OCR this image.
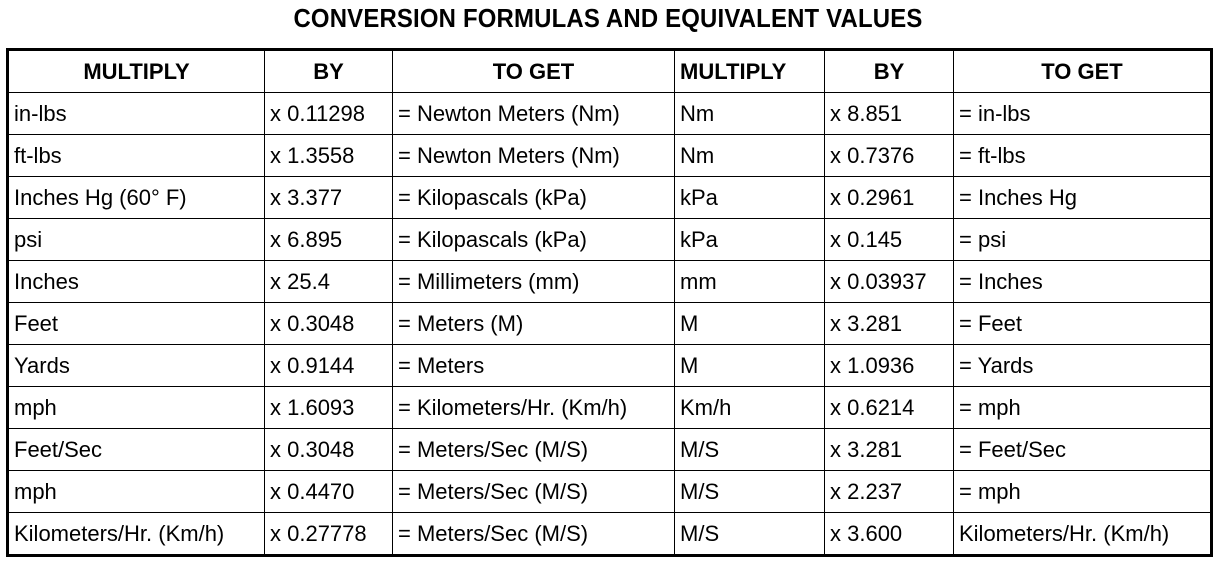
CONVERSION FORMULAS AND EQUIVALENT VALUES
MULTIPLY	BY	TO GET	MULTIPLY	BY	TO GET
in-lbs	x 0.11298	= Newton Meters (Nm)	Nm	x 8.851	= in-lbs
ft-lbs	x 1.3558	= Newton Meters (Nm)	Nm	x 0.7376	= ft-lbs
Inches Hg (60° F)	x 3.377	= Kilopascals (kPa)	kPa	x 0.2961	= Inches Hg
psi	x 6.895	= Kilopascals (kPa)	kPa	x 0.145	= psi
Inches	x 25.4	= Millimeters (mm)	mm	x 0.03937	= Inches
Feet	x 0.3048	= Meters (M)	M	x 3.281	= Feet
Yards	x 0.9144	= Meters	M	x 1.0936	= Yards
mph	x 1.6093	= Kilometers/Hr. (Km/h)	Km/h	x 0.6214	= mph
Feet/Sec	x 0.3048	= Meters/Sec (M/S)	M/S	x 3.281	= Feet/Sec
mph	x 0.4470	= Meters/Sec (M/S)	M/S	x 2.237	= mph
Kilometers/Hr. (Km/h)	x 0.27778	= Meters/Sec (M/S)	M/S	x 3.600	Kilometers/Hr. (Km/h)
